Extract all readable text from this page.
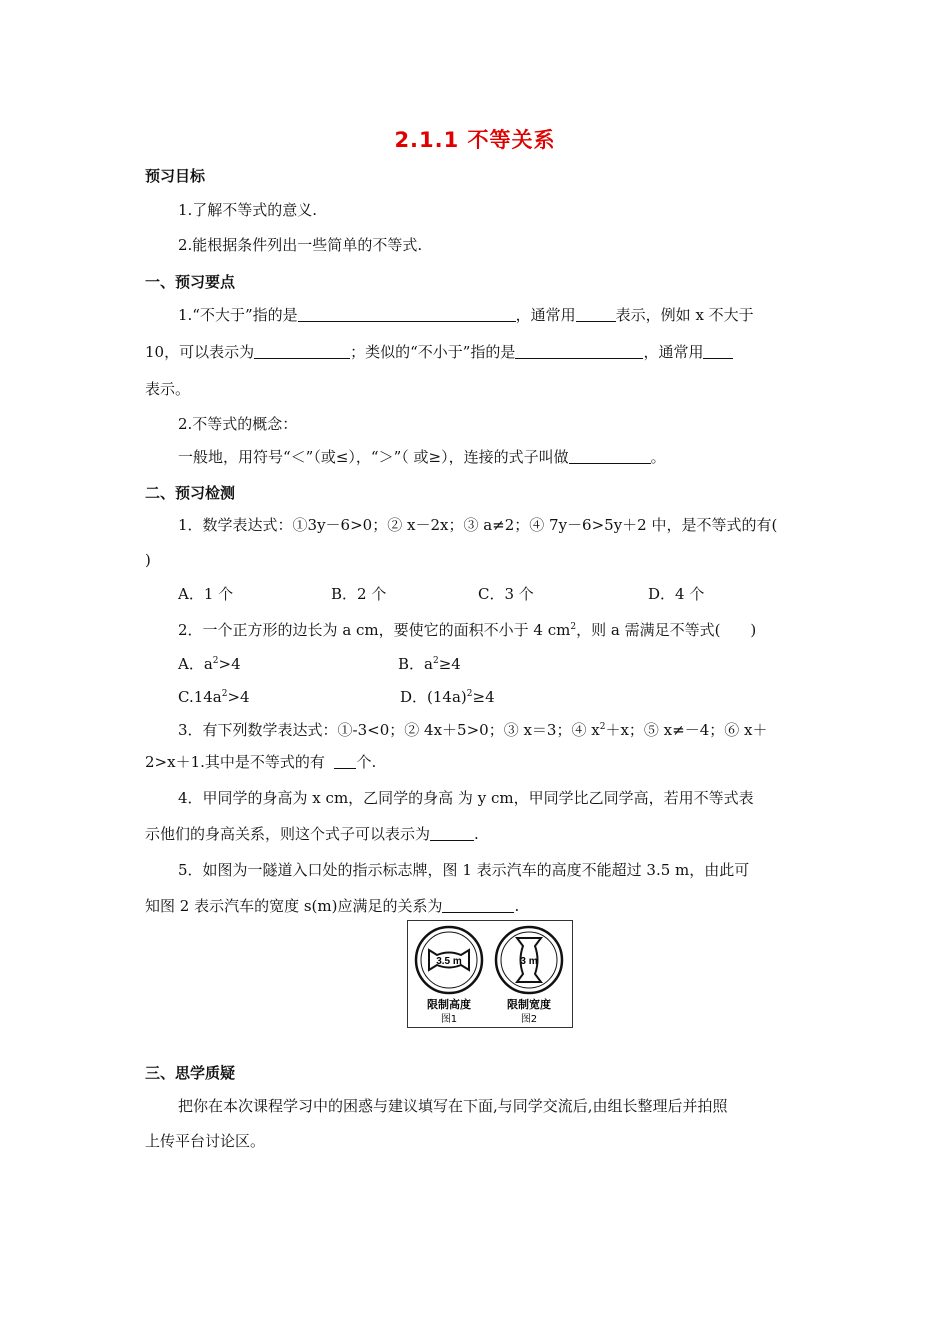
2.1.1 不等关系
预习目标
1.了解不等式的意义.
2.能根据条件列出一些简单的不等式.
一、预习要点
1.“不大于”指的是	，通常用	表示，例如 x 不大于
10，可以表示为	；类似的“不小于”指的是	，通常用
表示。
2.不等式的概念：
一般地，用符号“＜”（或≤），“＞”（ 或≥），连接的式子叫做	。
二、预习检测
1．数学表达式：①3y－6>0；② x－2x；③ a≠2；④ 7y－6>5y＋2 中，是不等式的有(
)
A．1 个	B．2 个	C．3 个	D．4 个
2．一个正方形的边长为 a cm，要使它的面积不小于 4 $cm^2$，则 a 需满足不等式(　　)
A．$a^2>4$	B．$a^2\ge 4$
$C.14a^2>4$	D．$(14a)^2\ge 4$
3．有下列数学表达式：①-3<0；② 4x＋5>0；③ x＝3；④ $x^2+x$；⑤ x≠－4；⑥ x＋
2>x＋1.其中是不等式的有 个.
4．甲同学的身高为 x cm，乙同学的身高 为 y cm，甲同学比乙同学高，若用不等式表
示他们的身高关系，则这个式子可以表示为	.
5．如图为一隧道入口处的指示标志牌，图 1 表示汽车的高度不能超过 3.5 m，由此可
知图 2 表示汽车的宽度 s(m)应满足的关系为	.
3.5 m	3 m
限制高度
图1
限制宽度
图2
三、思学质疑
把你在本次课程学习中的困惑与建议填写在下面,与同学交流后,由组长整理后并拍照
上传平台讨论区。
